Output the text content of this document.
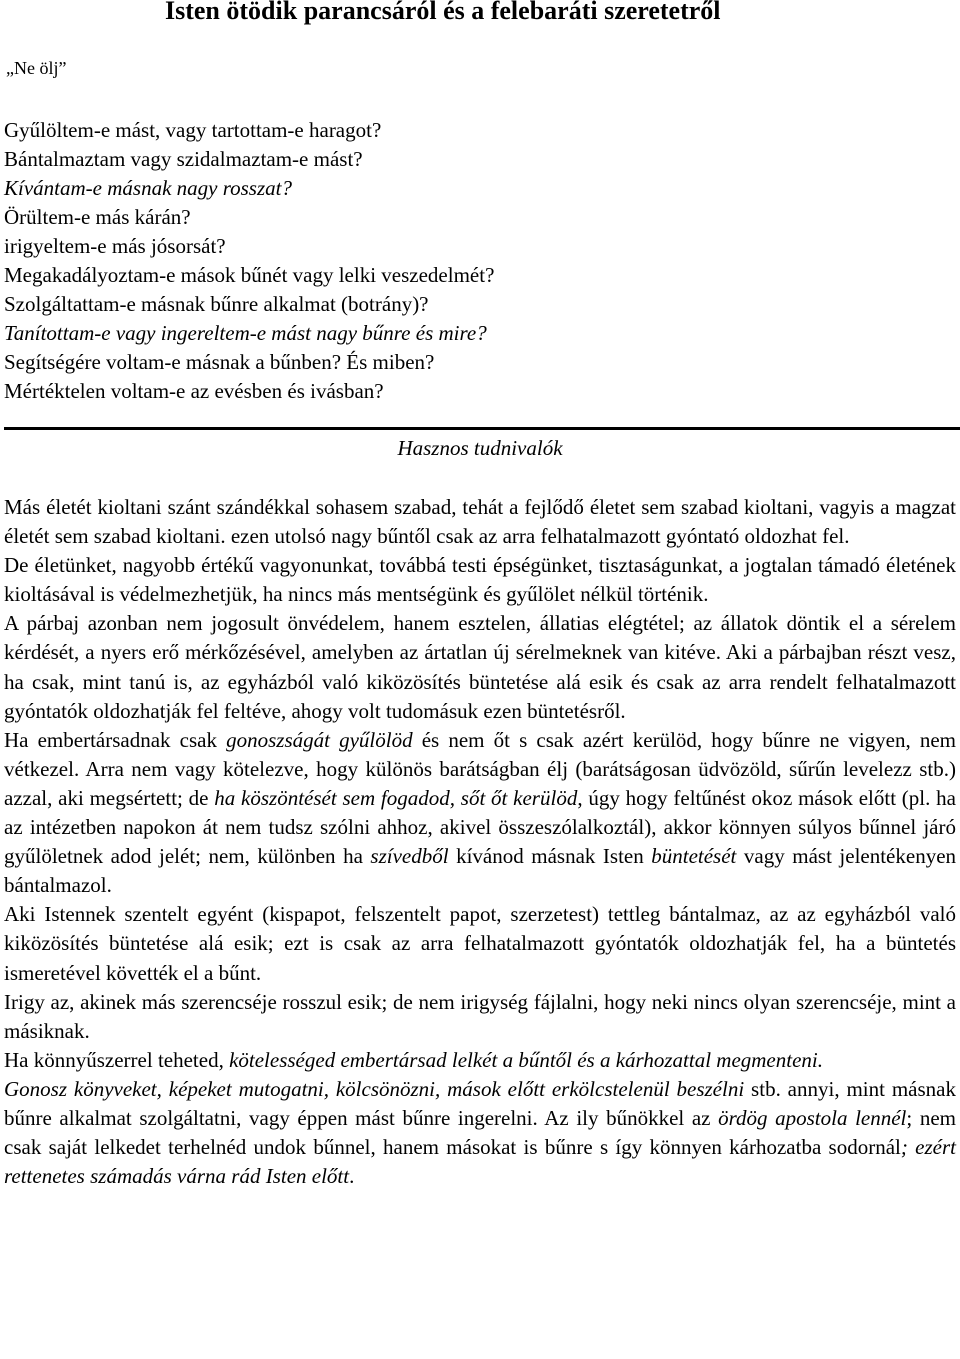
Isten ötödik parancsáról és a felebaráti szeretetről
„Ne ölj”
Gyűlöltem-e mást, vagy tartottam-e haragot?
Bántalmaztam vagy szidalmaztam-e mást?
Kívántam-e másnak nagy rosszat?
Örültem-e más kárán?
irigyeltem-e más jósorsát?
Megakadályoztam-e mások bűnét vagy lelki veszedelmét?
Szolgáltattam-e másnak bűnre alkalmat (botrány)?
Tanítottam-e vagy ingereltem-e mást nagy bűnre és mire?
Segítségére voltam-e másnak a bűnben? És miben?
Mértéktelen voltam-e az evésben és ivásban?
Hasznos tudnivalók

Más életét kioltani szánt szándékkal sohasem szabad, tehát a fejlődő életet sem szabad kioltani, vagyis a magzat életét sem szabad kioltani. ezen utolsó nagy bűntől csak az arra felhatalmazott gyóntató oldozhat fel.

De életünket, nagyobb értékű vagyonunkat, továbbá testi épségünket, tisztaságunkat, a jogtalan támadó életének kioltásával is védelmezhetjük, ha nincs más mentségünk és gyűlölet nélkül történik.

A párbaj azonban nem jogosult önvédelem, hanem esztelen, állatias elégtétel; az állatok döntik el a sérelem kérdését, a nyers erő mérkőzésével, amelyben az ártatlan új sérelmeknek van kitéve. Aki a párbajban részt vesz, ha csak, mint tanú is, az egyházból való kiközösítés büntetése alá esik és csak az arra rendelt felhatalmazott gyóntatók oldozhatják fel feltéve, ahogy volt tudomásuk ezen büntetésről.

Ha embertársadnak csak gonoszságát gyűlölöd és nem őt s csak azért kerülöd, hogy bűnre ne vigyen, nem vétkezel. Arra nem vagy kötelezve, hogy különös barátságban élj (barátságosan üdvözöld, sűrűn levelezz stb.) azzal, aki megsértett; de ha köszöntését sem fogadod, sőt őt kerülöd, úgy hogy feltűnést okoz mások előtt (pl. ha az intézetben napokon át nem tudsz szólni ahhoz, akivel összeszólalkoztál), akkor könnyen súlyos bűnnel járó gyűlöletnek adod jelét; nem, különben ha szívedből kívánod másnak Isten büntetését vagy mást jelentékenyen bántalmazol.

Aki Istennek szentelt egyént (kispapot, felszentelt papot, szerzetest) tettleg bántalmaz, az az egyházból való kiközösítés büntetése alá esik; ezt is csak az arra felhatalmazott gyóntatók oldozhatják fel, ha a büntetés ismeretével követték el a bűnt.

Irigy az, akinek más szerencséje rosszul esik; de nem irigység fájlalni, hogy neki nincs olyan szerencséje, mint a másiknak.

Ha könnyűszerrel teheted, kötelességed embertársad lelkét a bűntől és a kárhozattal megmenteni.

Gonosz könyveket, képeket mutogatni, kölcsönözni, mások előtt erkölcstelenül beszélni stb. annyi, mint másnak bűnre alkalmat szolgáltatni, vagy éppen mást bűnre ingerelni. Az ily bűnökkel az ördög apostola lennél; nem csak saját lelkedet terhelnéd undok bűnnel, hanem másokat is bűnre s így könnyen kárhozatba sodornál; ezért rettenetes számadás várna rád Isten előtt.
